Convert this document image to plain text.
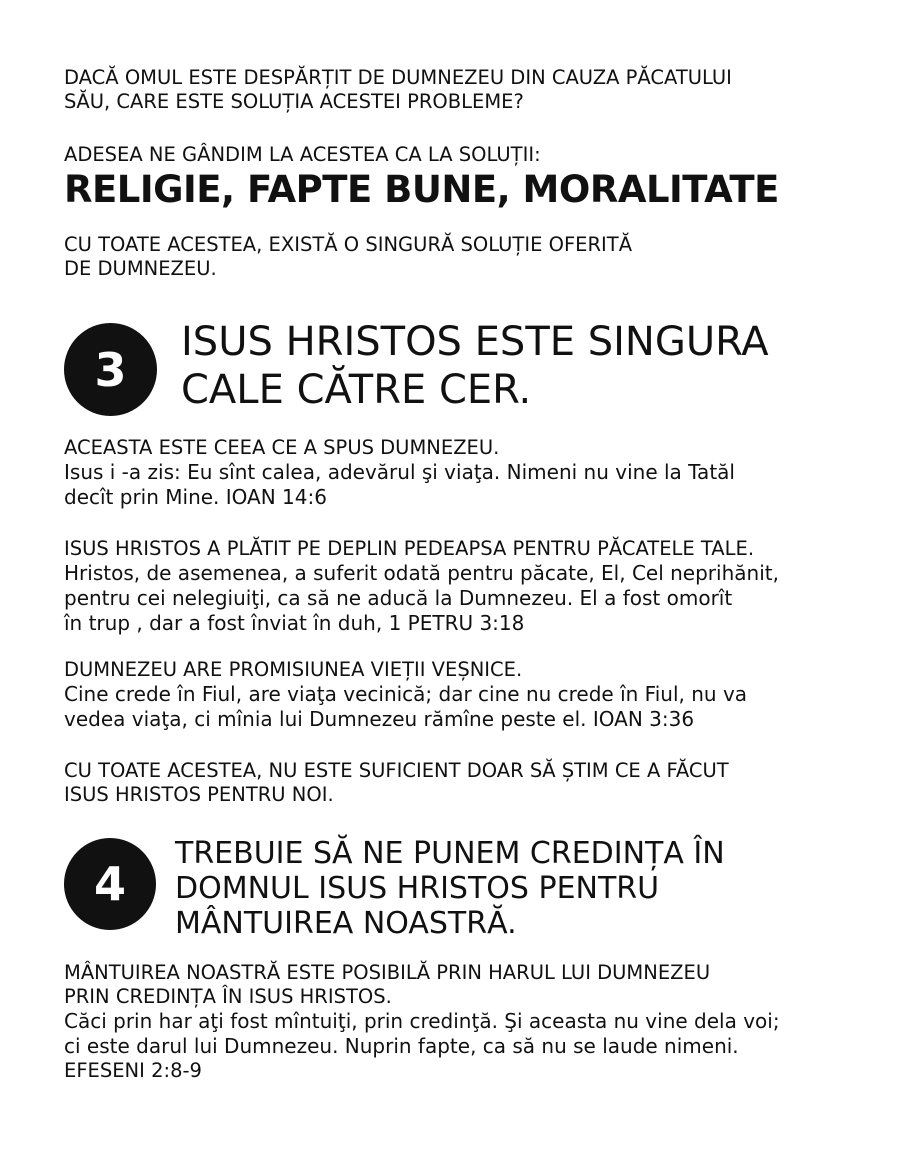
DACĂ OMUL ESTE DESPĂRȚIT DE DUMNEZEU DIN CAUZA PĂCATULUI
SĂU, CARE ESTE SOLUȚIA ACESTEI PROBLEME?

ADESEA NE GÂNDIM LA ACESTEA CA LA SOLUȚII:

RELIGIE, FAPTE BUNE, MORALITATE

CU TOATE ACESTEA, EXISTĂ O SINGURĂ SOLUȚIE OFERITĂ
DE DUMNEZEU.

3
ISUS HRISTOS ESTE SINGURA
CALE CĂTRE CER.

ACEASTA ESTE CEEA CE A SPUS DUMNEZEU.

Isus i -a zis: Eu sînt calea, adevărul şi viaţa. Nimeni nu vine la Tatăl
decît prin Mine. IOAN 14:6

ISUS HRISTOS A PLĂTIT PE DEPLIN PEDEAPSA PENTRU PĂCATELE TALE.

Hristos, de asemenea, a suferit odată pentru păcate, El, Cel neprihănit,
pentru cei nelegiuiţi, ca să ne aducă la Dumnezeu. El a fost omorît
în trup , dar a fost înviat în duh, 1 PETRU 3:18

DUMNEZEU ARE PROMISIUNEA VIEȚII VEȘNICE.

Cine crede în Fiul, are viaţa vecinică; dar cine nu crede în Fiul, nu va
vedea viaţa, ci mînia lui Dumnezeu rămîne peste el. IOAN 3:36

CU TOATE ACESTEA, NU ESTE SUFICIENT DOAR SĂ ȘTIM CE A FĂCUT
ISUS HRISTOS PENTRU NOI.

4
TREBUIE SĂ NE PUNEM CREDINȚA ÎN
DOMNUL ISUS HRISTOS PENTRU
MÂNTUIREA NOASTRĂ.

MÂNTUIREA NOASTRĂ ESTE POSIBILĂ PRIN HARUL LUI DUMNEZEU
PRIN CREDINȚA ÎN ISUS HRISTOS.

Căci prin har aţi fost mîntuiţi, prin credinţă. Şi aceasta nu vine dela voi;
ci este darul lui Dumnezeu. Nuprin fapte, ca să nu se laude nimeni.

EFESENI 2:8-9
